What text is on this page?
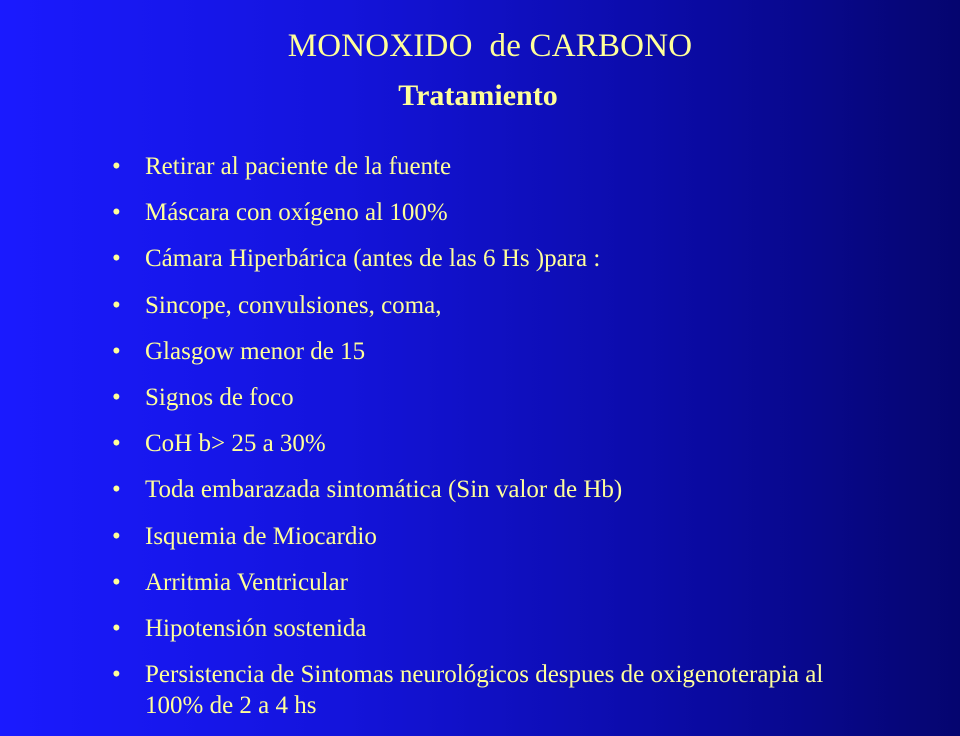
MONOXIDO  de CARBONO
Tratamiento
• Retirar al paciente de la fuente
• Máscara con oxígeno al 100%
• Cámara Hiperbárica (antes de las 6 Hs )para :
• Sincope, convulsiones, coma,
• Glasgow menor de 15
• Signos de foco
• CoH b> 25 a 30%
• Toda embarazada sintomática (Sin valor de Hb)
• Isquemia de Miocardio
• Arritmia Ventricular
• Hipotensión sostenida
• Persistencia de Sintomas neurológicos despues de oxigenoterapia al 100% de 2 a 4 hs
